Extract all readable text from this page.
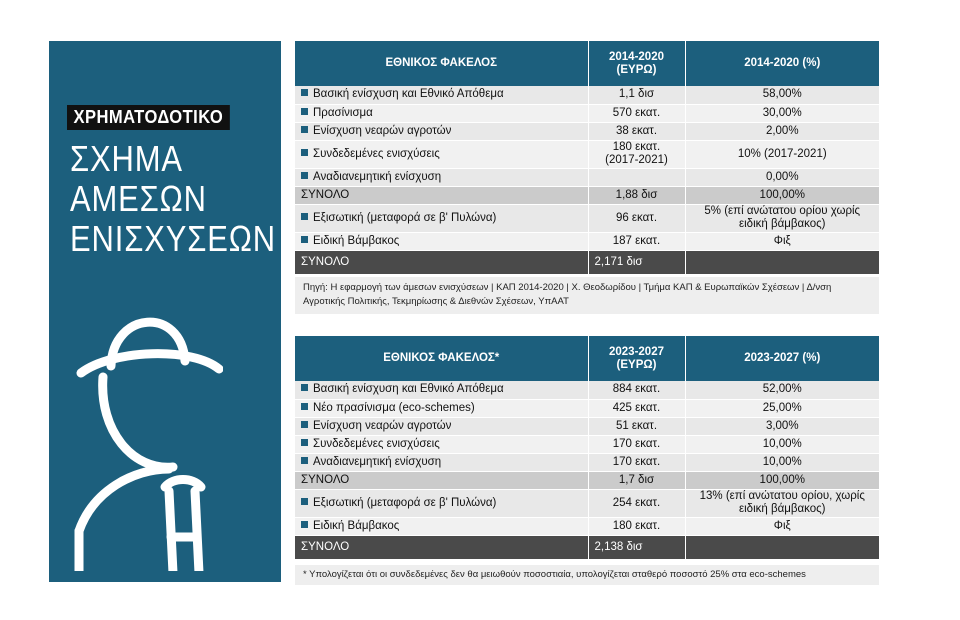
ΧΡΗΜΑΤΟΔΟΤΙΚΟ
ΣΧΗΜΑ
ΑΜΕΣΩΝ
ΕΝΙΣΧΥΣΕΩΝ
ΕΘΝΙΚΟΣ ΦΑΚΕΛΟΣ	2014-2020 (ΕΥΡΩ)	2014-2020 (%)
Βασική ενίσχυση και Εθνικό Απόθεμα	1,1 δισ	58,00%
Πρασίνισμα	570 εκατ.	30,00%
Ενίσχυση νεαρών αγροτών	38 εκατ.	2,00%
Συνδεδεμένες ενισχύσεις	180 εκατ. (2017-2021)	10% (2017-2021)
Αναδιανεμητική ενίσχυση		0,00%
ΣΥΝΟΛΟ	1,88 δισ	100,00%
Εξισωτική (μεταφορά σε β' Πυλώνα)	96 εκατ.	5% (επί ανώτατου ορίου χωρίς ειδική βάμβακος)
Ειδική Βάμβακος	187 εκατ.	Φιξ
ΣΥΝΟΛΟ	2,171 δισ	
Πηγή: Η εφαρμογή των άμεσων ενισχύσεων | ΚΑΠ 2014-2020 | Χ. Θεοδωρίδου | Τμήμα ΚΑΠ & Ευρωπαϊκών Σχέσεων | Δ/νση Αγροτικής Πολιτικής, Τεκμηρίωσης & Διεθνών Σχέσεων, ΥπΑΑΤ
ΕΘΝΙΚΟΣ ΦΑΚΕΛΟΣ*	2023-2027 (ΕΥΡΩ)	2023-2027 (%)
Βασική ενίσχυση και Εθνικό Απόθεμα	884 εκατ.	52,00%
Νέο πρασίνισμα (eco-schemes)	425 εκατ.	25,00%
Ενίσχυση νεαρών αγροτών	51 εκατ.	3,00%
Συνδεδεμένες ενισχύσεις	170 εκατ.	10,00%
Αναδιανεμητική ενίσχυση	170 εκατ.	10,00%
ΣΥΝΟΛΟ	1,7 δισ	100,00%
Εξισωτική (μεταφορά σε β' Πυλώνα)	254 εκατ.	13% (επί ανώτατου ορίου, χωρίς ειδική βάμβακος)
Ειδική Βάμβακος	180 εκατ.	Φιξ
ΣΥΝΟΛΟ	2,138 δισ	
* Υπολογίζεται ότι οι συνδεδεμένες δεν θα μειωθούν ποσοστιαία, υπολογίζεται σταθερό ποσοστό 25% στα eco-schemes
